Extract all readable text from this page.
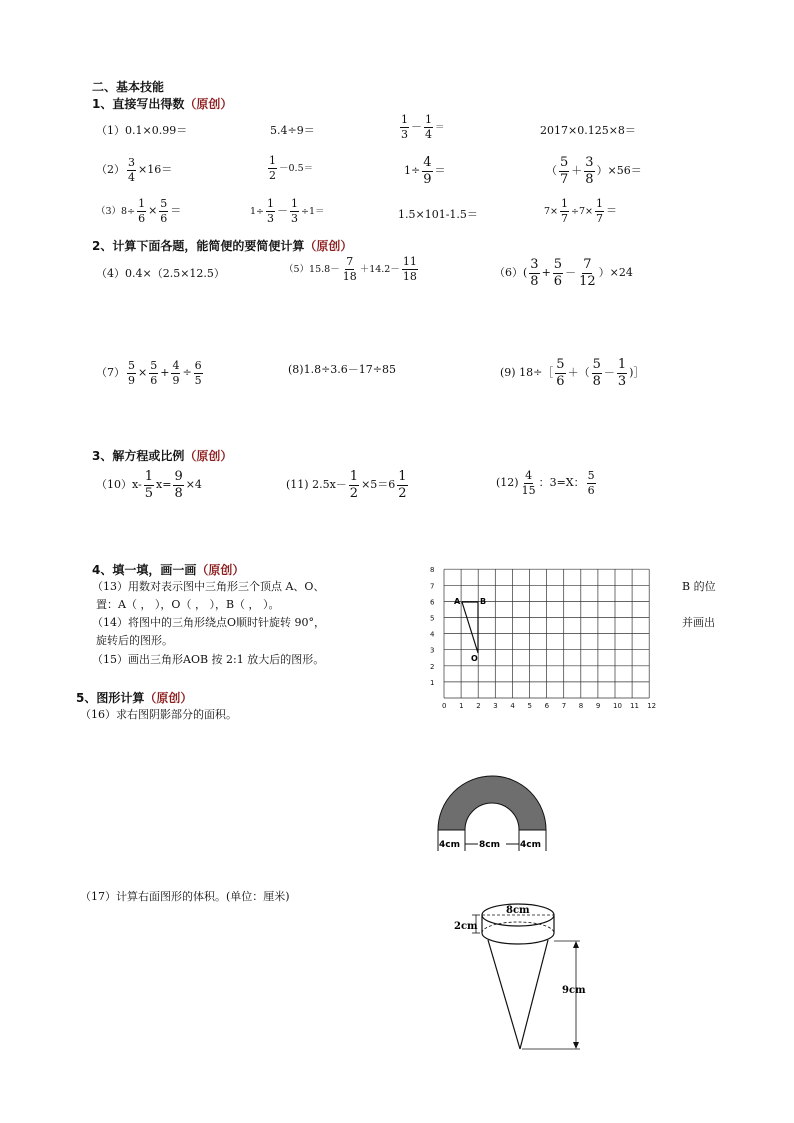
二、基本技能
1、直接写出得数（原创）
（1）0.1×0.99＝	5.4÷9＝	$\frac{1}{3} - \frac{1}{4}$ ＝	2017×0.125×8＝
$(2) \frac{3}{4} \times 16=$	$\frac{1}{2} -0.5=$	$1\div \frac{4}{9}$ ＝	（ $\frac{5}{7} + \frac{3}{8} )\times 56=$
$(3)8\div \frac{1}{6} \times \frac{5}{6}$ ＝	$1\div \frac{1}{3} - \frac{1}{3} \div 1=$	1.5×101-1.5＝	$7\times \frac{1}{7} \div 7\times \frac{1}{7}$ ＝
2、计算下面各题，能简便的要简便计算（原创）
（4）0.4×（2.5×12.5）	$(5)15.8- \frac{7}{18} +14.2- \frac{11}{18}$	$(6)( \frac{3}{8} + \frac{5}{6} - \frac{7}{12} )\times 24$
$(7) \frac{5}{9} \times \frac{5}{6} + \frac{4}{9} \div \frac{6}{5}$	(8)1.8÷3.6－17÷85	(9) 18÷［ $\frac{5}{6}$ ＋（ $\frac{5}{8} - \frac{1}{3}$ )］
3、解方程或比例（原创）
$(10)x- \frac{1}{5} x= \frac{9}{8} \times 4$	(11) $2.5x- \frac{1}{2} \times 5=6 \frac{1}{2}$	$(12) \frac{4}{15}$ ：3=X： $\frac{5}{6}$
4、填一填，画一画（原创）
（13）用数对表示图中三角形三个顶点 A、O、	B 的位
置：A（ ， ），O（ ， ），B（ ， ）。
（14）将图中的三角形绕点O顺时针旋转 90°，	并画出
旋转后的图形。
（15）画出三角形AOB 按 2:1 放大后的图形。
0 1 2 3 4 5 6 7 8 9 10 11 12
1
2
3
4
5
6
7
8
A B
O
5、图形计算（原创）
（16）求右图阴影部分的面积。
4cm 8cm 4cm
（17）计算右面图形的体积。(单位：厘米)
8cm
2cm
9cm
